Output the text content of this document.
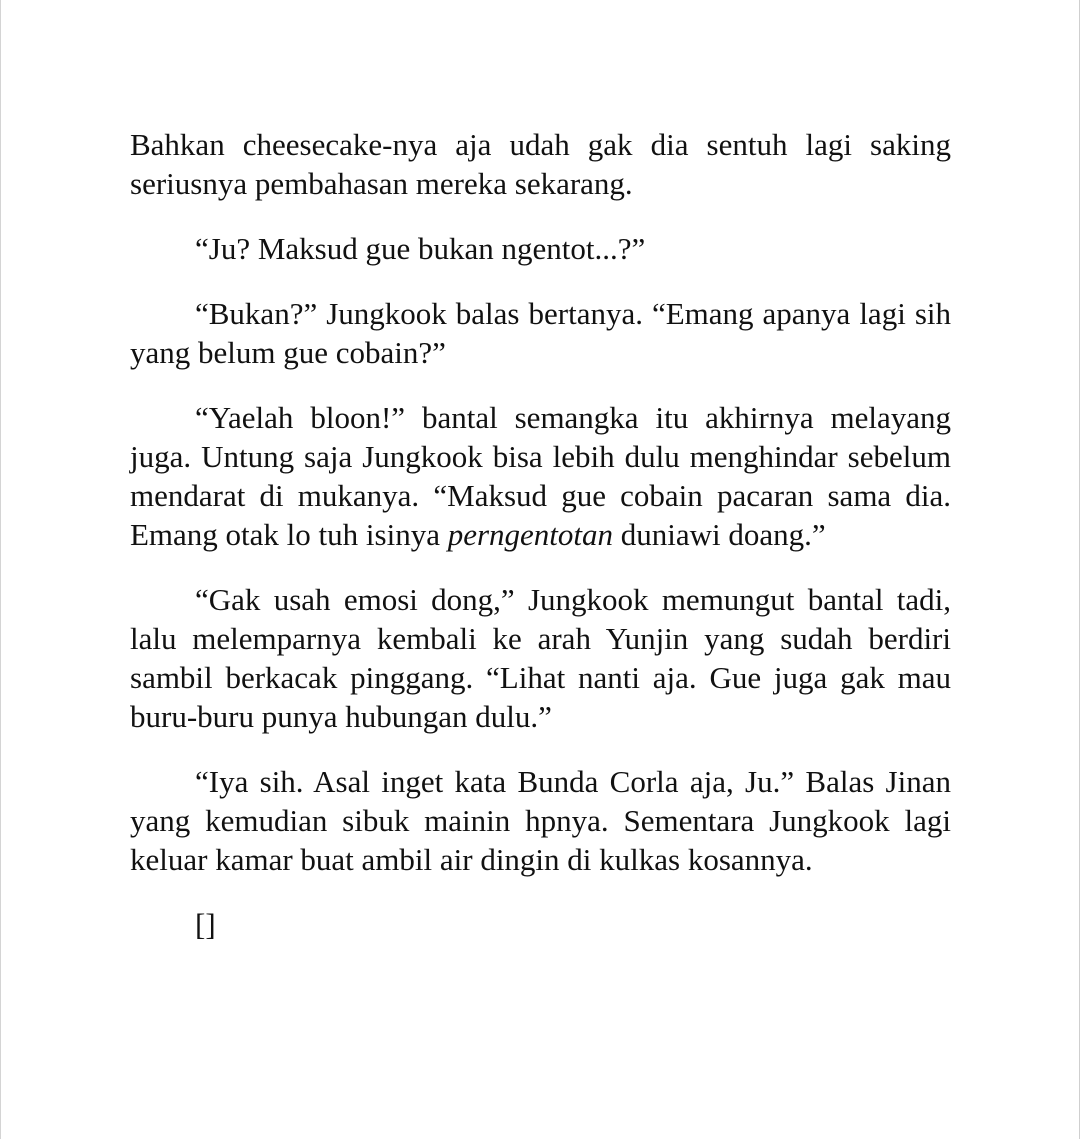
Bahkan cheesecake-nya aja udah gak dia sentuh lagi saking seriusnya pembahasan mereka sekarang.

“Ju? Maksud gue bukan ngentot...?”

“Bukan?” Jungkook balas bertanya. “Emang apanya lagi sih yang belum gue cobain?”

“Yaelah bloon!” bantal semangka itu akhirnya melayang juga. Untung saja Jungkook bisa lebih dulu menghindar sebelum mendarat di mukanya. “Maksud gue cobain pacaran sama dia. Emang otak lo tuh isinya perngentotan duniawi doang.”

“Gak usah emosi dong,” Jungkook memungut bantal tadi, lalu melemparnya kembali ke arah Yunjin yang sudah berdiri sambil berkacak pinggang. “Lihat nanti aja. Gue juga gak mau buru-buru punya hubungan dulu.”

“Iya sih. Asal inget kata Bunda Corla aja, Ju.” Balas Jinan yang kemudian sibuk mainin hpnya. Sementara Jungkook lagi keluar kamar buat ambil air dingin di kulkas kosannya.

[]
